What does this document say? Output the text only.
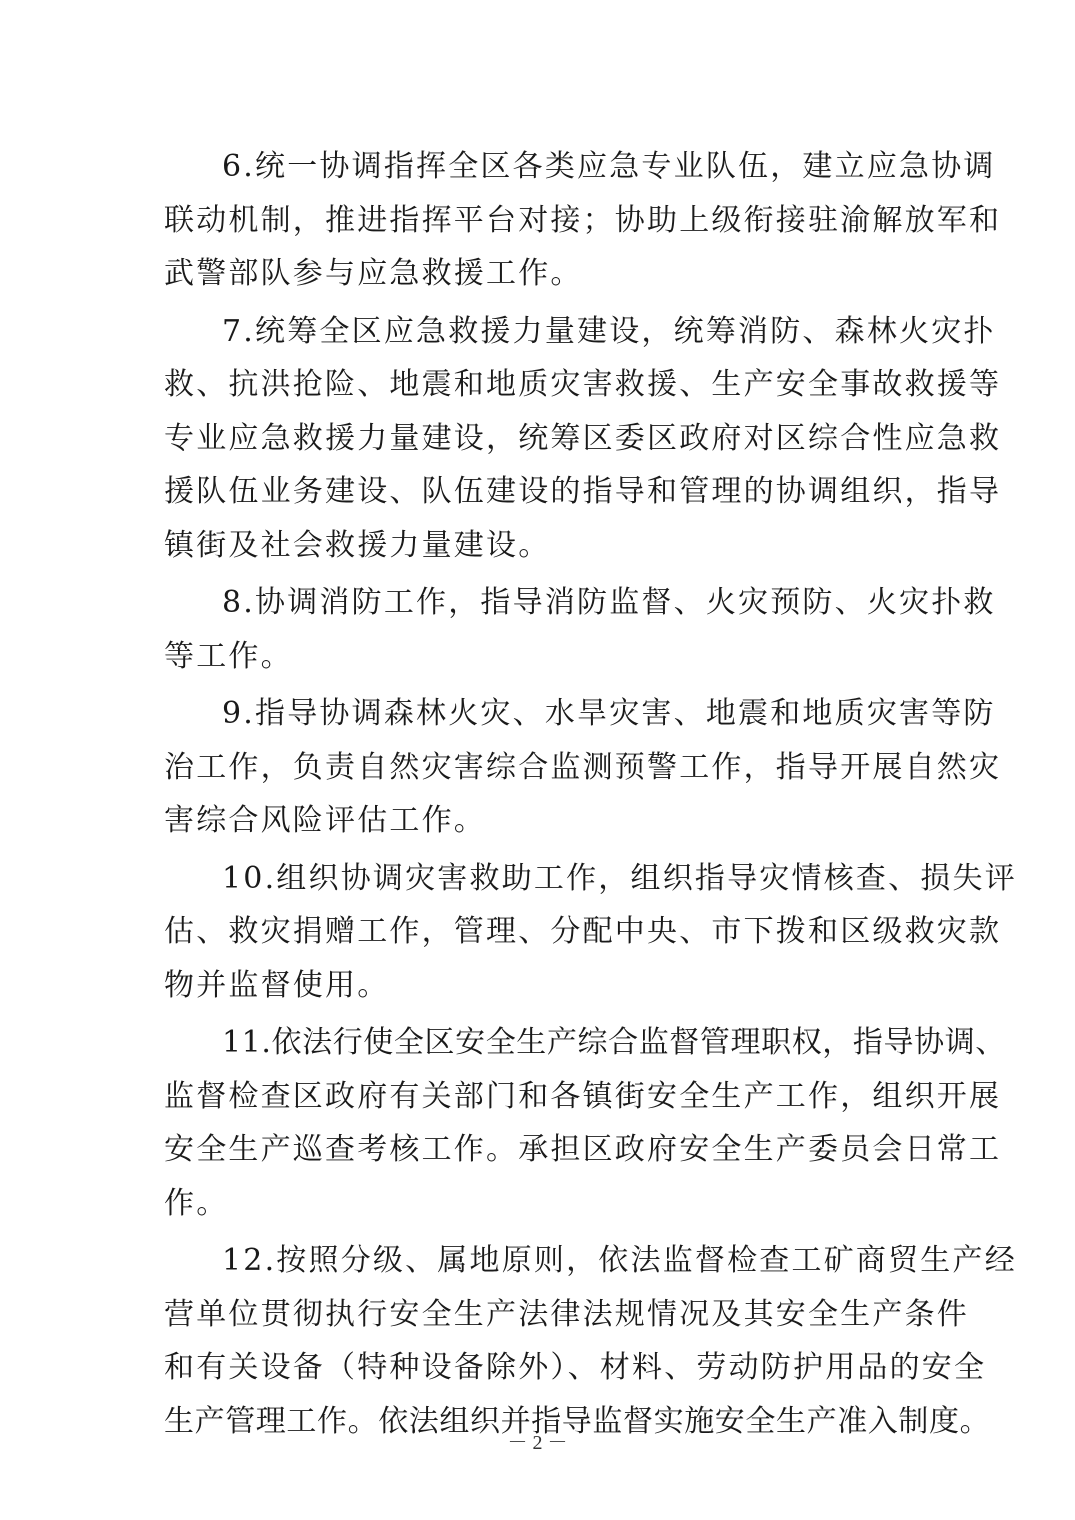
6.统一协调指挥全区各类应急专业队伍，建立应急协调
联动机制，推进指挥平台对接；协助上级衔接驻渝解放军和
武警部队参与应急救援工作。
7.统筹全区应急救援力量建设，统筹消防、森林火灾扑
救、抗洪抢险、地震和地质灾害救援、生产安全事故救援等
专业应急救援力量建设，统筹区委区政府对区综合性应急救
援队伍业务建设、队伍建设的指导和管理的协调组织，指导
镇街及社会救援力量建设。
8.协调消防工作，指导消防监督、火灾预防、火灾扑救
等工作。
9.指导协调森林火灾、水旱灾害、地震和地质灾害等防
治工作，负责自然灾害综合监测预警工作，指导开展自然灾
害综合风险评估工作。
10.组织协调灾害救助工作，组织指导灾情核查、损失评
估、救灾捐赠工作，管理、分配中央、市下拨和区级救灾款
物并监督使用。
11.依法行使全区安全生产综合监督管理职权，指导协调、
监督检查区政府有关部门和各镇街安全生产工作，组织开展
安全生产巡查考核工作。承担区政府安全生产委员会日常工
作。
12.按照分级、属地原则，依法监督检查工矿商贸生产经
营单位贯彻执行安全生产法律法规情况及其安全生产条件
和有关设备（特种设备除外）、材料、劳动防护用品的安全
生产管理工作。依法组织并指导监督实施安全生产准入制度。
－ 2 －
